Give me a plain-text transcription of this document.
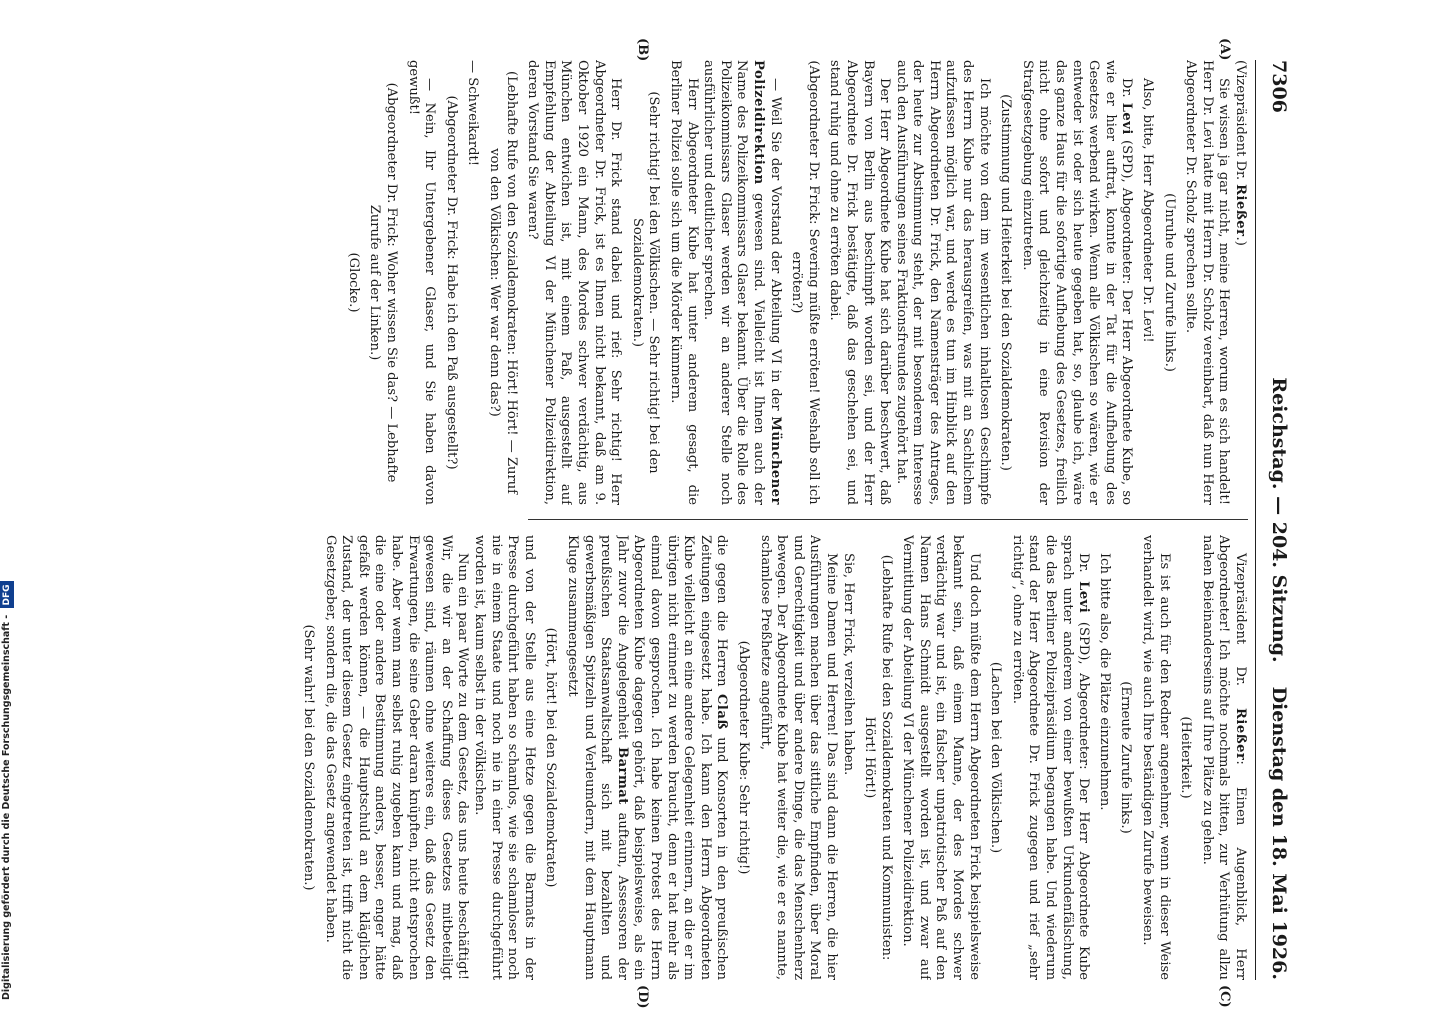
7306
Reichstag. — 204. Sitzung.
Dienstag den 18. Mai 1926.
(A)
(B)
(C)
(D)

(Vizepräsident Dr. Rießer.)

Sie wissen ja gar nicht, meine Herren, worum es sich handelt! Herr Dr. Levi hatte mit Herrn Dr. Scholz vereinbart, daß nun Herr Abgeordneter Dr. Scholz sprechen sollte.

(Unruhe und Zurufe links.)

Also, bitte, Herr Abgeordneter Dr. Levi!

Dr. Levi (SPD), Abgeordneter: Der Herr Abgeordnete Kube, so wie er hier auftrat, konnte in der Tat für die Aufhebung des Gesetzes werbend wirken. Wenn alle Völkischen so wären, wie er entweder ist oder sich heute gegeben hat, so, glaube ich, wäre das ganze Haus für die sofortige Aufhebung des Gesetzes, freilich nicht ohne sofort und gleichzeitig in eine Revision der Strafgesetzgebung einzutreten.

(Zustimmung und Heiterkeit bei den Sozialdemokraten.)

Ich möchte von dem im wesentlichen inhaltlosen Geschimpfe des Herrn Kube nur das herausgreifen, was mit an Sachlichem aufzufassen möglich war, und werde es tun im Hinblick auf den Herrn Abgeordneten Dr. Frick, den Namensträger des Antrages, der heute zur Abstimmung steht, der mit besonderem Interesse auch den Ausführungen seines Fraktionsfreundes zugehört hat.

Der Herr Abgeordnete Kube hat sich darüber beschwert, daß Bayern von Berlin aus beschimpft worden sei, und der Herr Abgeordnete Dr. Frick bestätigte, daß das geschehen sei, und stand ruhig und ohne zu erröten dabei.

(Abgeordneter Dr. Frick: Severing müßte erröten! Weshalb soll ich erröten?)

— Weil Sie der Vorstand der Abteilung VI in der Münchener Polizeidirektion gewesen sind. Vielleicht ist Ihnen auch der Name des Polizeikommissars Glaser bekannt. Über die Rolle des Polizeikommissars Glaser werden wir an anderer Stelle noch ausführlicher und deutlicher sprechen.

Herr Abgeordneter Kube hat unter anderem gesagt, die Berliner Polizei solle sich um die Mörder kümmern.

(Sehr richtig! bei den Völkischen. — Sehr richtig! bei den Sozialdemokraten.)

Herr Dr. Frick stand dabei und rief: Sehr richtig! Herr Abgeordneter Dr. Frick, ist es Ihnen nicht bekannt, daß am 9. Oktober 1920 ein Mann, des Mordes schwer verdächtig, aus München entwichen ist, mit einem Paß, ausgestellt auf Empfehlung der Abteilung VI der Münchener Polizeidirektion, deren Vorstand Sie waren?

(Lebhafte Rufe von den Sozialdemokraten: Hört! Hört! — Zuruf von den Völkischen: Wer war denn das?)

— Schweikardt!

(Abgeordneter Dr. Frick: Habe ich den Paß ausgestellt?)

— Nein, Ihr Untergebener Glaser, und Sie haben davon gewußt!

(Abgeordneter Dr. Frick: Woher wissen Sie das? — Lebhafte Zurufe auf der Linken.)

(Glocke.)

Vizepräsident Dr. Rießer: Einen Augenblick, Herr Abgeordneter! Ich möchte nochmals bitten, zur Verhütung allzu nahen Beieinanderseins auf Ihre Plätze zu gehen.

(Heiterkeit.)

Es ist auch für den Redner angenehmer, wenn in dieser Weise verhandelt wird, wie auch Ihre beständigen Zurufe beweisen.

(Erneute Zurufe links.)

Ich bitte also, die Plätze einzunehmen.

Dr. Levi (SPD), Abgeordneter: Der Herr Abgeordnete Kube sprach unter anderem von einer bewußten Urkundenfälschung, die das Berliner Polizeipräsidium begangen habe. Und wiederum stand der Herr Abgeordnete Dr. Frick zugegen und rief „sehr richtig“, ohne zu erröten.

(Lachen bei den Völkischen.)

Und doch müßte dem Herrn Abgeordneten Frick beispielsweise bekannt sein, daß einem Manne, der des Mordes schwer verdächtig war und ist, ein falscher unpatriotischer Paß auf den Namen Hans Schmidt ausgestellt worden ist, und zwar auf Vermittlung der Abteilung VI der Münchener Polizeidirektion.

(Lebhafte Rufe bei den Sozialdemokraten und Kommunisten: Hört! Hört!)

Sie, Herr Frick, verzeihen haben.

Meine Damen und Herren! Das sind dann die Herren, die hier Ausführungen machen über das sittliche Empfinden, über Moral und Gerechtigkeit und über andere Dinge, die das Menschenherz bewegen. Der Abgeordnete Kube hat weiter die, wie er es nannte, schamlose Preßhetze angeführt,

(Abgeordneter Kube: Sehr richtig!)

die gegen die Herren Claß und Konsorten in den preußischen Zeitungen eingesetzt habe. Ich kann den Herrn Abgeordneten Kube vielleicht an eine andere Gelegenheit erinnern, an die er im übrigen nicht erinnert zu werden braucht, denn er hat mehr als einmal davon gesprochen. Ich habe keinen Protest des Herrn Abgeordneten Kube dagegen gehört, daß beispielsweise, als ein Jahr zuvor die Angelegenheit Barmat auftaun, Assessoren der preußischen Staatsanwaltschaft sich mit bezahlten und gewerbsmäßigen Spitzeln und Verleumdern, mit dem Hauptmann Kluge zusammengesetzt

(Hört, hört! bei den Sozialdemokraten)

und von der Stelle aus eine Hetze gegen die Barmats in der Presse durchgeführt haben so schamlos, wie sie schamloser noch nie in einem Staate und noch nie in einer Presse durchgeführt worden ist, kaum selbst in der völkischen.

Nun ein paar Worte zu dem Gesetz, das uns heute beschäftigt! Wir, die wir an der Schaffung dieses Gesetzes mitbeteiligt gewesen sind, räumen ohne weiteres ein, daß das Gesetz den Erwartungen, die seine Geber daran knüpften, nicht entsprochen habe. Aber wenn man selbst ruhig zugeben kann und mag, daß die eine oder andere Bestimmung anders, besser, enger hätte gefaßt werden können, — die Hauptschuld an dem kläglichen Zustand, der unter diesem Gesetz eingetreten ist, trifft nicht die Gesetzgeber, sondern die, die das Gesetz angewendet haben.

(Sehr wahr! bei den Sozialdemokraten.)

Digitalisierung gefördert durch die Deutsche Forschungsgemeinschaft - DFG
